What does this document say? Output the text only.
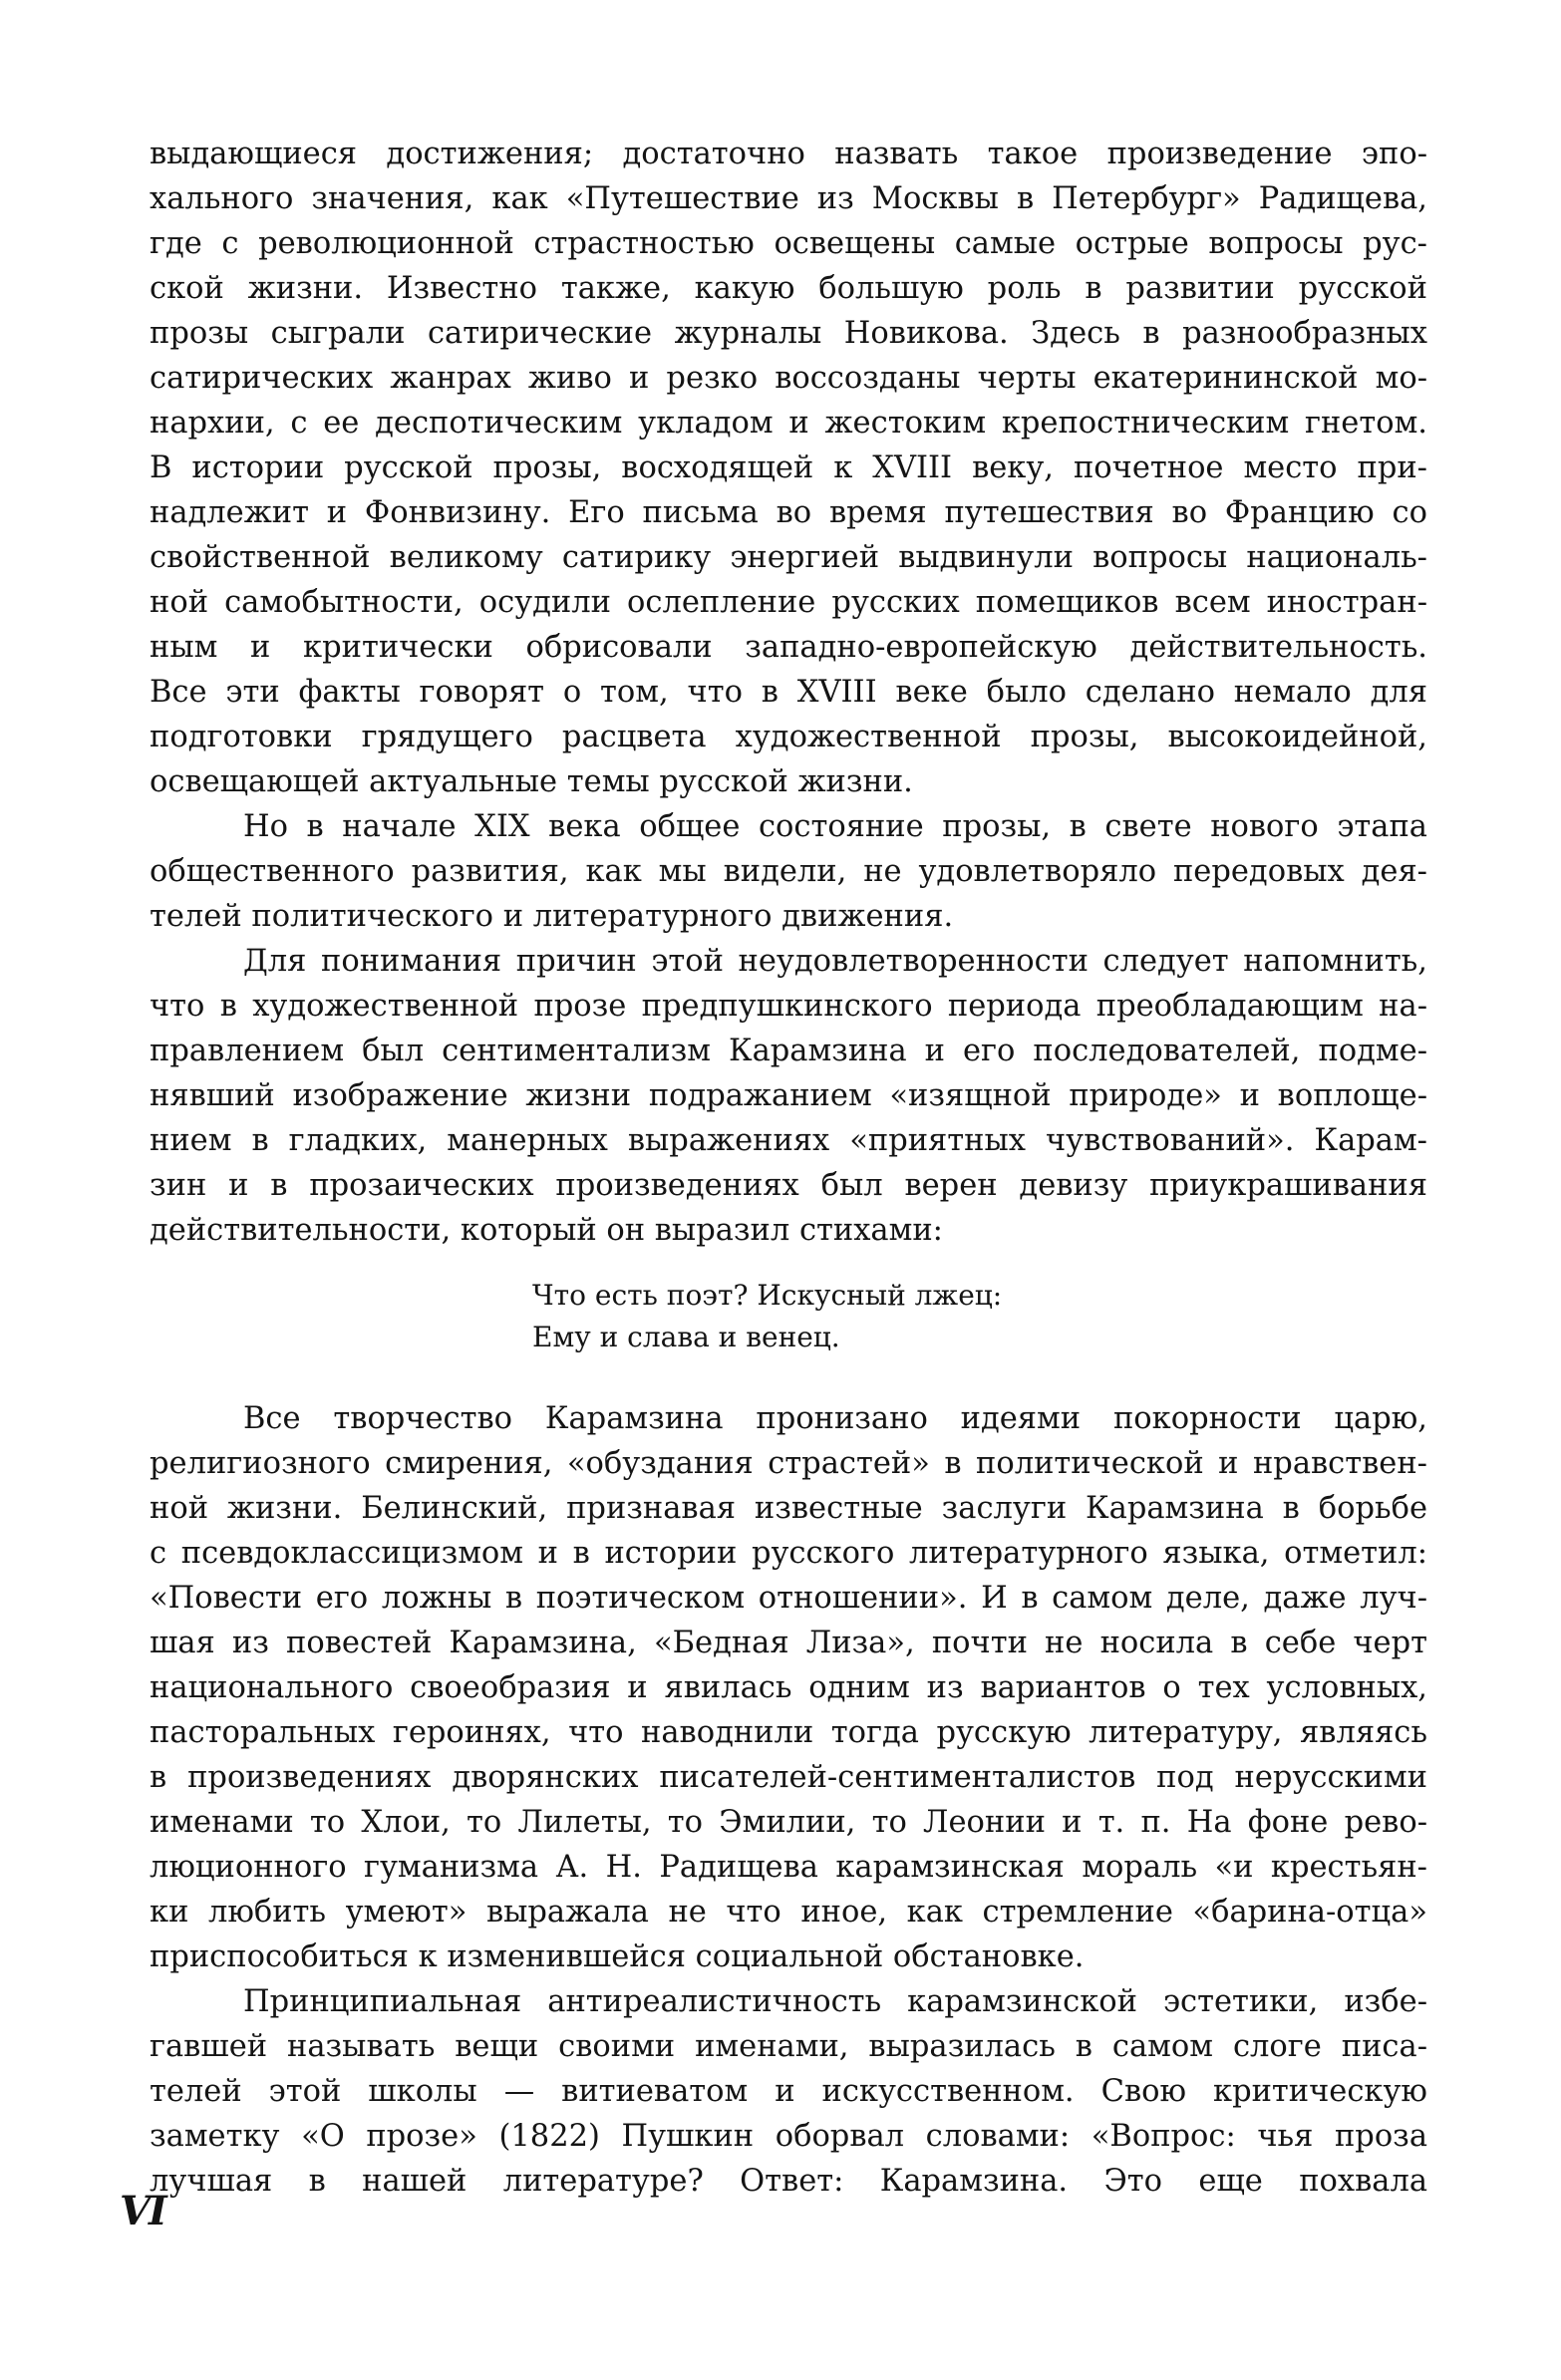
выдающиеся достижения; достаточно назвать такое произведение эпо-
хального значения, как «Путешествие из Москвы в Петербург» Радищева,
где с революционной страстностью освещены самые острые вопросы рус-
ской жизни. Известно также, какую большую роль в развитии русской
прозы сыграли сатирические журналы Новикова. Здесь в разнообразных
сатирических жанрах живо и резко воссозданы черты екатерининской мо-
нархии, с ее деспотическим укладом и жестоким крепостническим гнетом.
В истории русской прозы, восходящей к XVIII веку, почетное место при-
надлежит и Фонвизину. Его письма во время путешествия во Францию со
свойственной великому сатирику энергией выдвинули вопросы националь-
ной самобытности, осудили ослепление русских помещиков всем иностран-
ным и критически обрисовали западно-европейскую действительность.
Все эти факты говорят о том, что в XVIII веке было сделано немало для
подготовки грядущего расцвета художественной прозы, высокоидейной,
освещающей актуальные темы русской жизни.
Но в начале XIX века общее состояние прозы, в свете нового этапа
общественного развития, как мы видели, не удовлетворяло передовых дея-
телей политического и литературного движения.
Для понимания причин этой неудовлетворенности следует напомнить,
что в художественной прозе предпушкинского периода преобладающим на-
правлением был сентиментализм Карамзина и его последователей, подме-
нявший изображение жизни подражанием «изящной природе» и воплоще-
нием в гладких, манерных выражениях «приятных чувствований». Карам-
зин и в прозаических произведениях был верен девизу приукрашивания
действительности, который он выразил стихами:
Что есть поэт? Искусный лжец:
Ему и слава и венец.
Все творчество Карамзина пронизано идеями покорности царю,
религиозного смирения, «обуздания страстей» в политической и нравствен-
ной жизни. Белинский, признавая известные заслуги Карамзина в борьбе
с псевдоклассицизмом и в истории русского литературного языка, отметил:
«Повести его ложны в поэтическом отношении». И в самом деле, даже луч-
шая из повестей Карамзина, «Бедная Лиза», почти не носила в себе черт
национального своеобразия и явилась одним из вариантов о тех условных,
пасторальных героинях, что наводнили тогда русскую литературу, являясь
в произведениях дворянских писателей-сентименталистов под нерусскими
именами то Хлои, то Лилеты, то Эмилии, то Леонии и т. п. На фоне рево-
люционного гуманизма А. Н. Радищева карамзинская мораль «и крестьян-
ки любить умеют» выражала не что иное, как стремление «барина-отца»
приспособиться к изменившейся социальной обстановке.
Принципиальная антиреалистичность карамзинской эстетики, избе-
гавшей называть вещи своими именами, выразилась в самом слоге писа-
телей этой школы — витиеватом и искусственном. Свою критическую
заметку «О прозе» (1822) Пушкин оборвал словами: «Вопрос: чья проза
лучшая в нашей литературе? Ответ: Карамзина. Это еще похвала
VI
